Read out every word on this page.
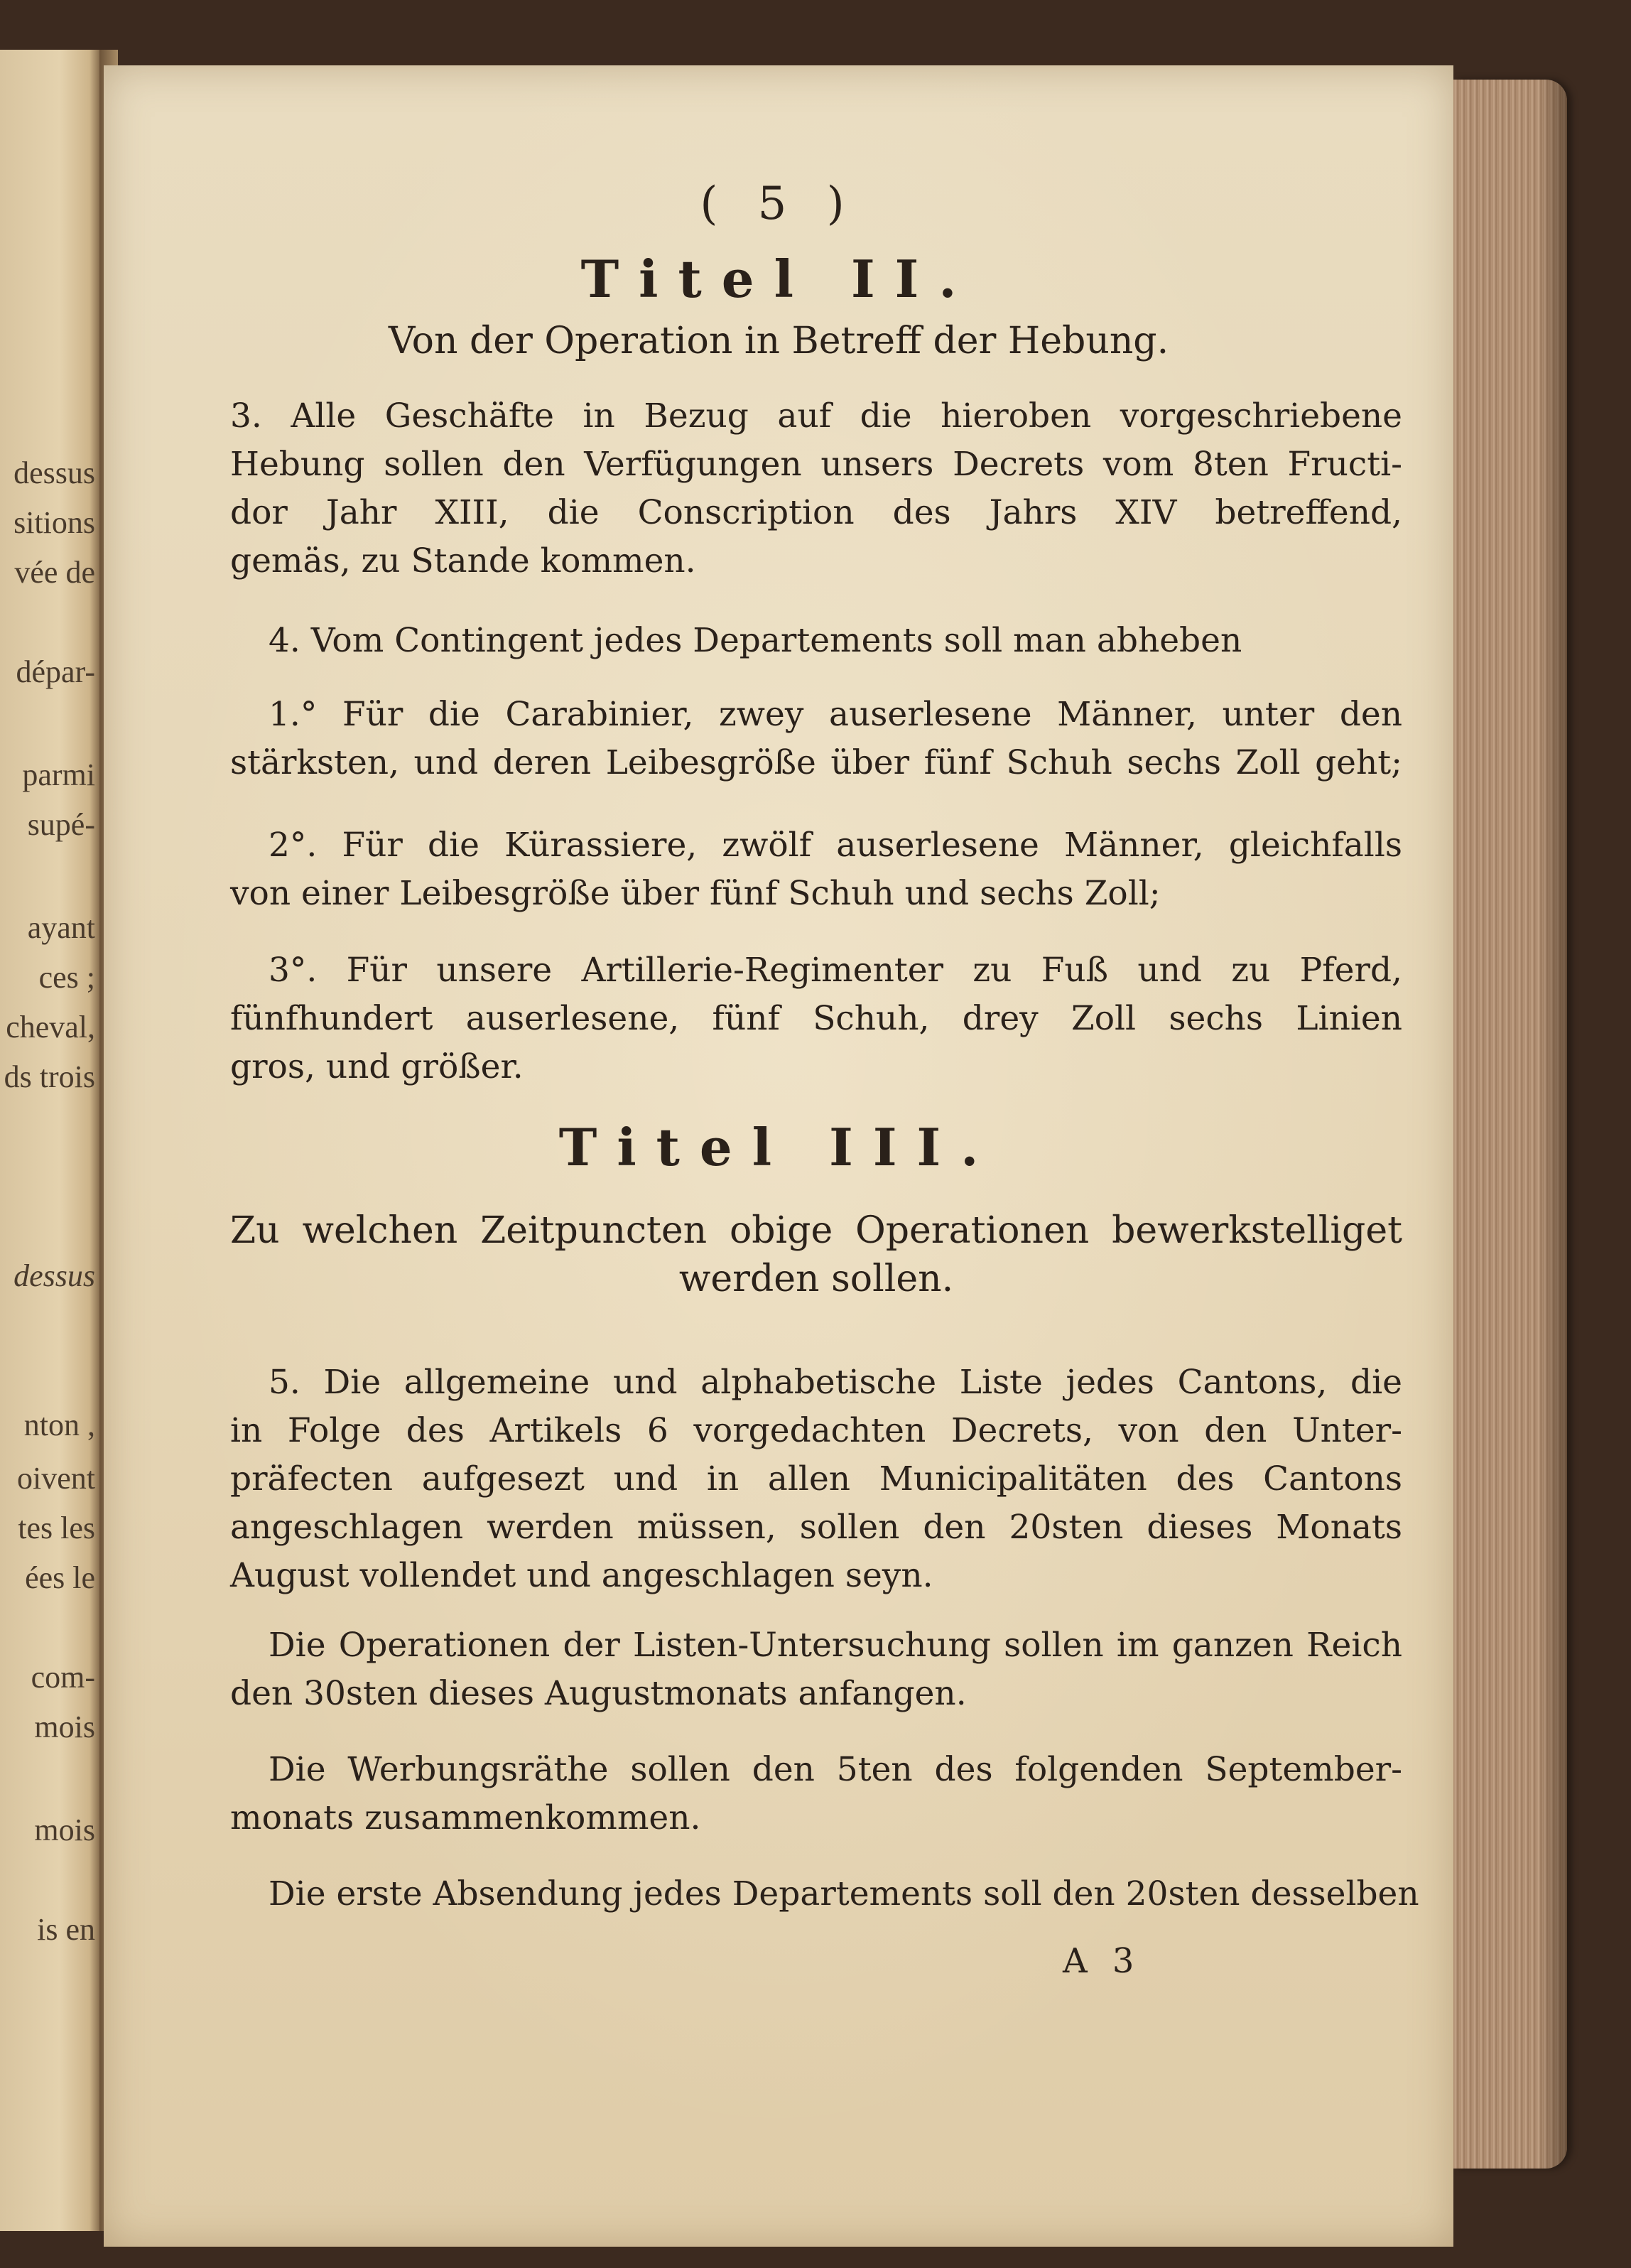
dessus
sitions
vée de
dépar-
parmi
supé-
ayant
ces ;
cheval,
ds trois
dessus
nton ,
oivent
tes les
ées le
com-
mois
mois
is en
( 5 )
Titel II.
Von der Operation in Betreff der Hebung.
3. Alle Geschäfte in Bezug auf die hieroben vorgeschriebene
Hebung sollen den Verfügungen unsers Decrets vom 8ten Fructi-
dor Jahr XIII, die Conscription des Jahrs XIV betreffend,
gemäs, zu Stande kommen.
4. Vom Contingent jedes Departements soll man abheben
1.° Für die Carabinier, zwey auserlesene Männer, unter den
stärksten, und deren Leibesgröße über fünf Schuh sechs Zoll geht;
2°. Für die Kürassiere, zwölf auserlesene Männer, gleichfalls
von einer Leibesgröße über fünf Schuh und sechs Zoll;
3°. Für unsere Artillerie-Regimenter zu Fuß und zu Pferd,
fünfhundert auserlesene, fünf Schuh, drey Zoll sechs Linien
gros, und größer.
Titel III.
Zu welchen Zeitpuncten obige Operationen bewerkstelliget
werden sollen.
5. Die allgemeine und alphabetische Liste jedes Cantons, die
in Folge des Artikels 6 vorgedachten Decrets, von den Unter-
präfecten aufgesezt und in allen Municipalitäten des Cantons
angeschlagen werden müssen, sollen den 20sten dieses Monats
August vollendet und angeschlagen seyn.
Die Operationen der Listen-Untersuchung sollen im ganzen Reich
den 30sten dieses Augustmonats anfangen.
Die Werbungsräthe sollen den 5ten des folgenden September-
monats zusammenkommen.
Die erste Absendung jedes Departements soll den 20sten desselben
A 3
